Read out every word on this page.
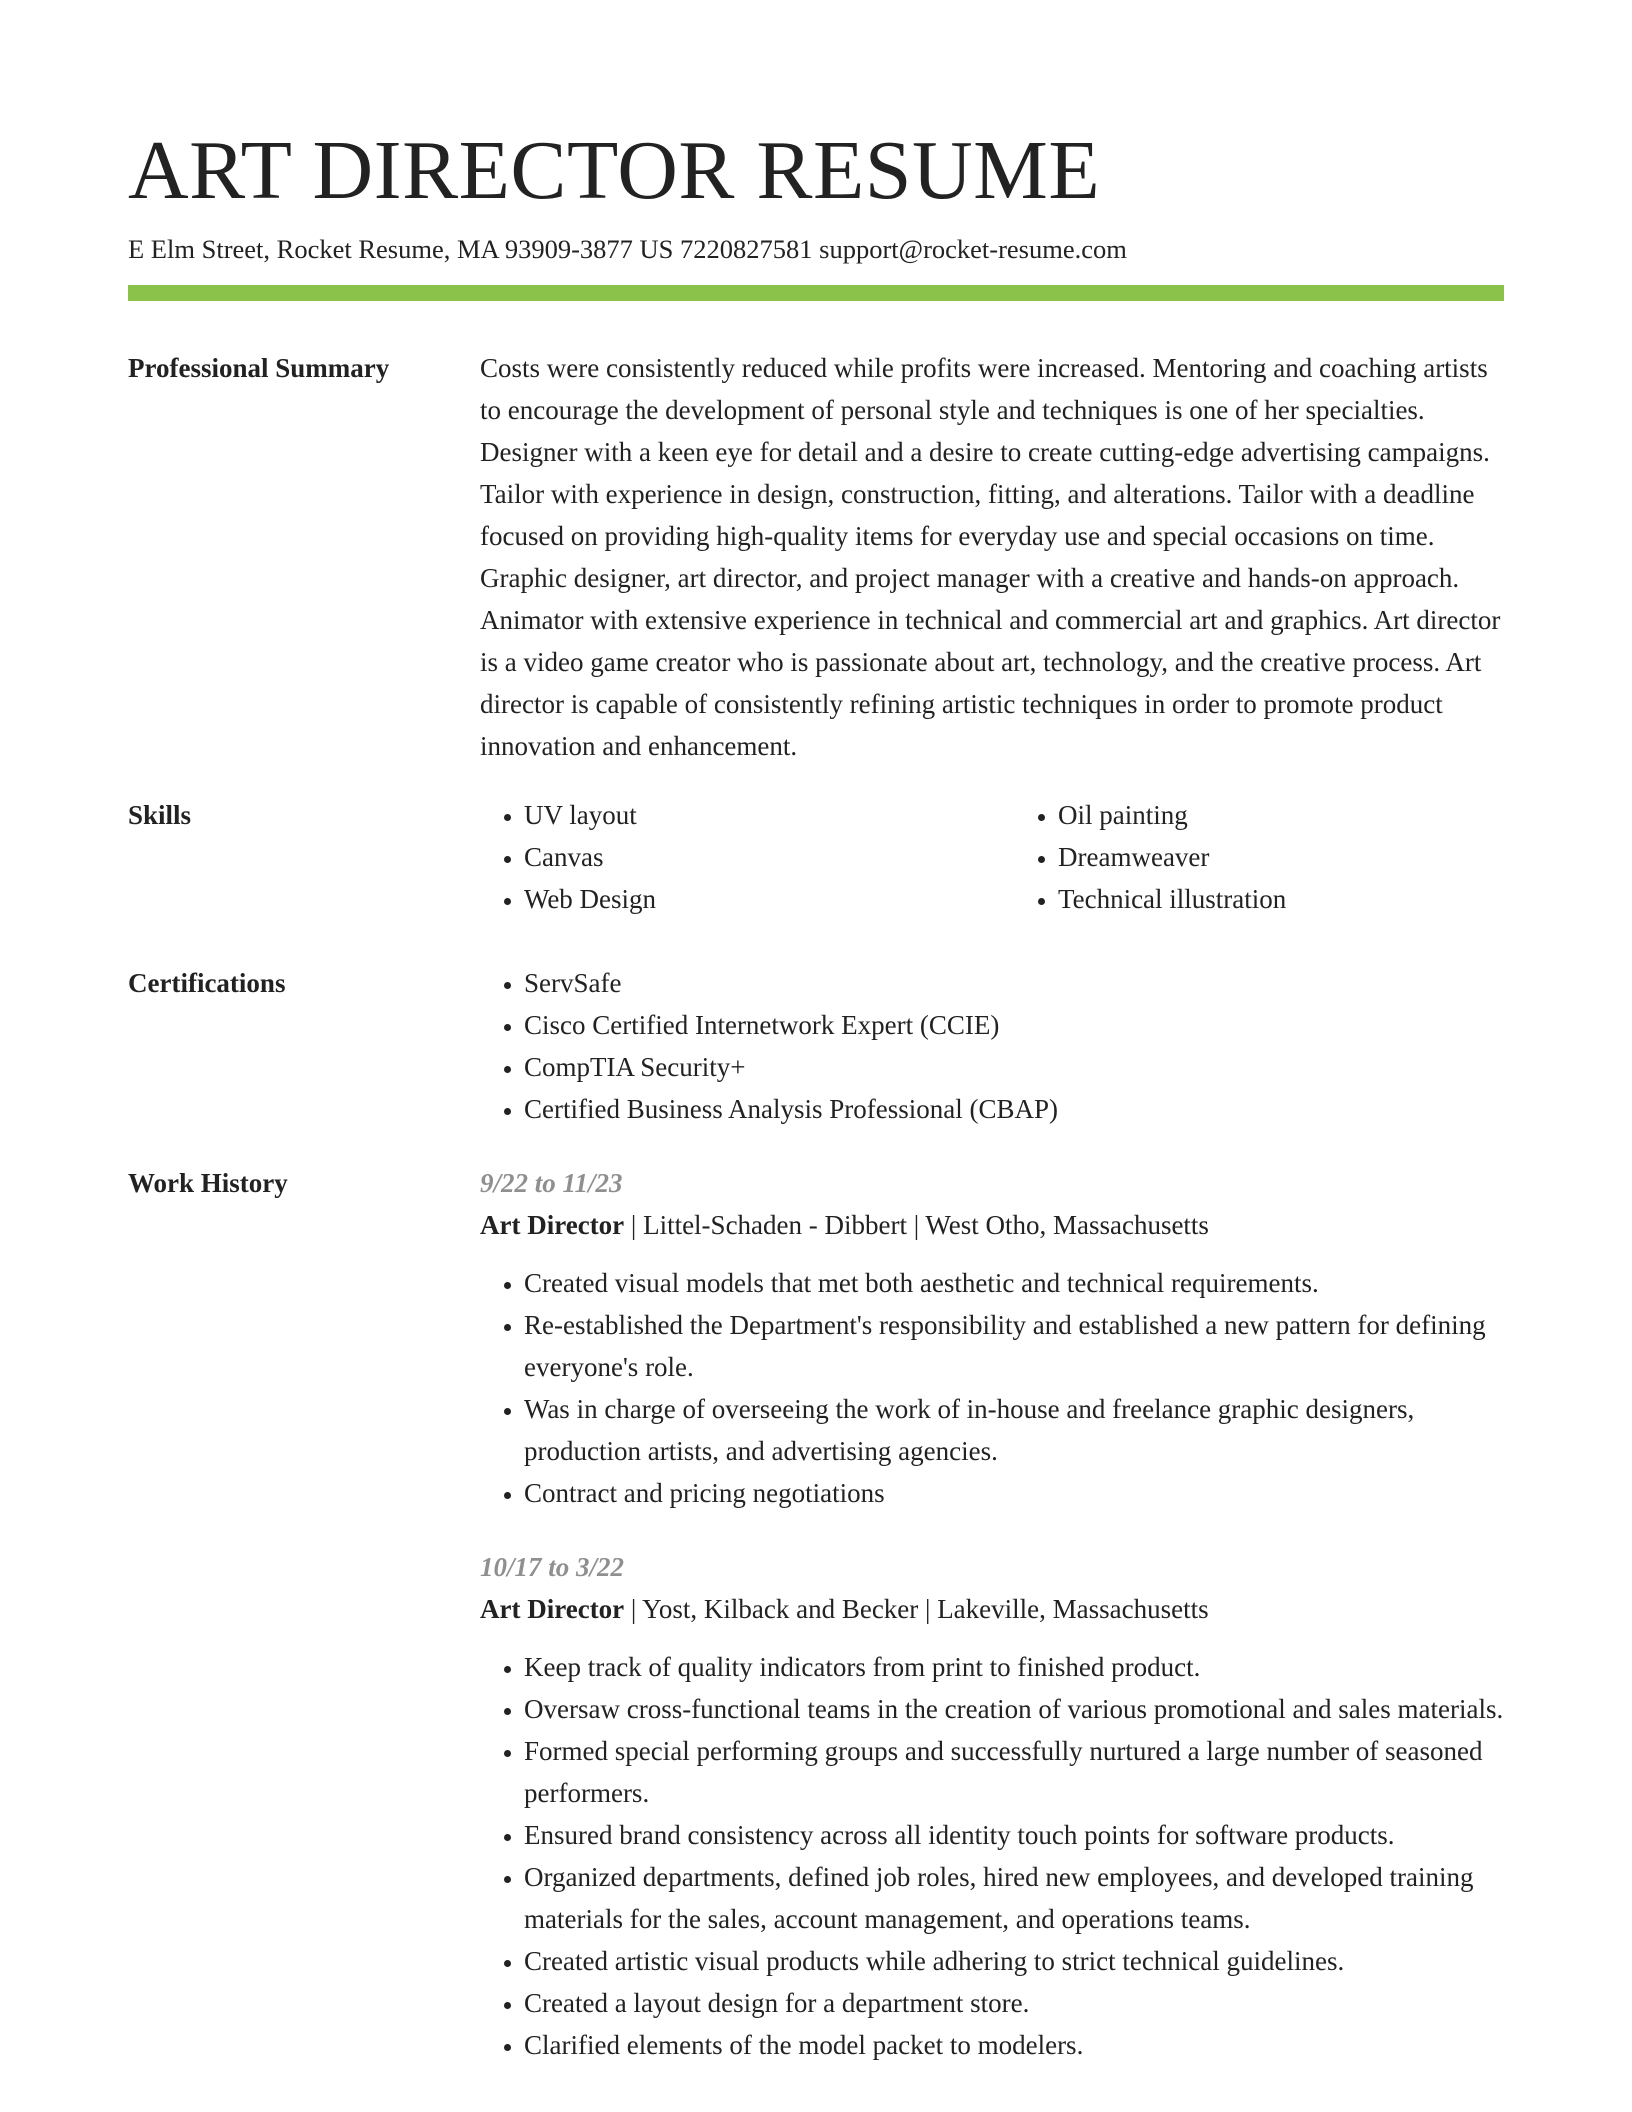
ART DIRECTOR RESUME
E Elm Street, Rocket Resume, MA 93909-3877 US 7220827581 support@rocket-resume.com
Professional Summary	Costs were consistently reduced while profits were increased. Mentoring and coaching artists to encourage the development of personal style and techniques is one of her specialties. Designer with a keen eye for detail and a desire to create cutting-edge advertising campaigns. Tailor with experience in design, construction, fitting, and alterations. Tailor with a deadline focused on providing high-quality items for everyday use and special occasions on time. Graphic designer, art director, and project manager with a creative and hands-on approach. Animator with extensive experience in technical and commercial art and graphics. Art director is a video game creator who is passionate about art, technology, and the creative process. Art director is capable of consistently refining artistic techniques in order to promote product innovation and enhancement.

Skills	• UV layout
• Canvas
• Web Design
• Oil painting
• Dreamweaver
• Technical illustration
Certifications	• ServSafe
• Cisco Certified Internetwork Expert (CCIE)
• CompTIA Security+
• Certified Business Analysis Professional (CBAP)
Work History	9/22 to 11/23
Art Director | Littel-Schaden - Dibbert | West Otho, Massachusetts
• Created visual models that met both aesthetic and technical requirements.
• Re-established the Department's responsibility and established a new pattern for defining everyone's role.
• Was in charge of overseeing the work of in-house and freelance graphic designers, production artists, and advertising agencies.
• Contract and pricing negotiations
10/17 to 3/22
Art Director | Yost, Kilback and Becker | Lakeville, Massachusetts
• Keep track of quality indicators from print to finished product.
• Oversaw cross-functional teams in the creation of various promotional and sales materials.
• Formed special performing groups and successfully nurtured a large number of seasoned performers.
• Ensured brand consistency across all identity touch points for software products.
• Organized departments, defined job roles, hired new employees, and developed training materials for the sales, account management, and operations teams.
• Created artistic visual products while adhering to strict technical guidelines.
• Created a layout design for a department store.
• Clarified elements of the model packet to modelers.
